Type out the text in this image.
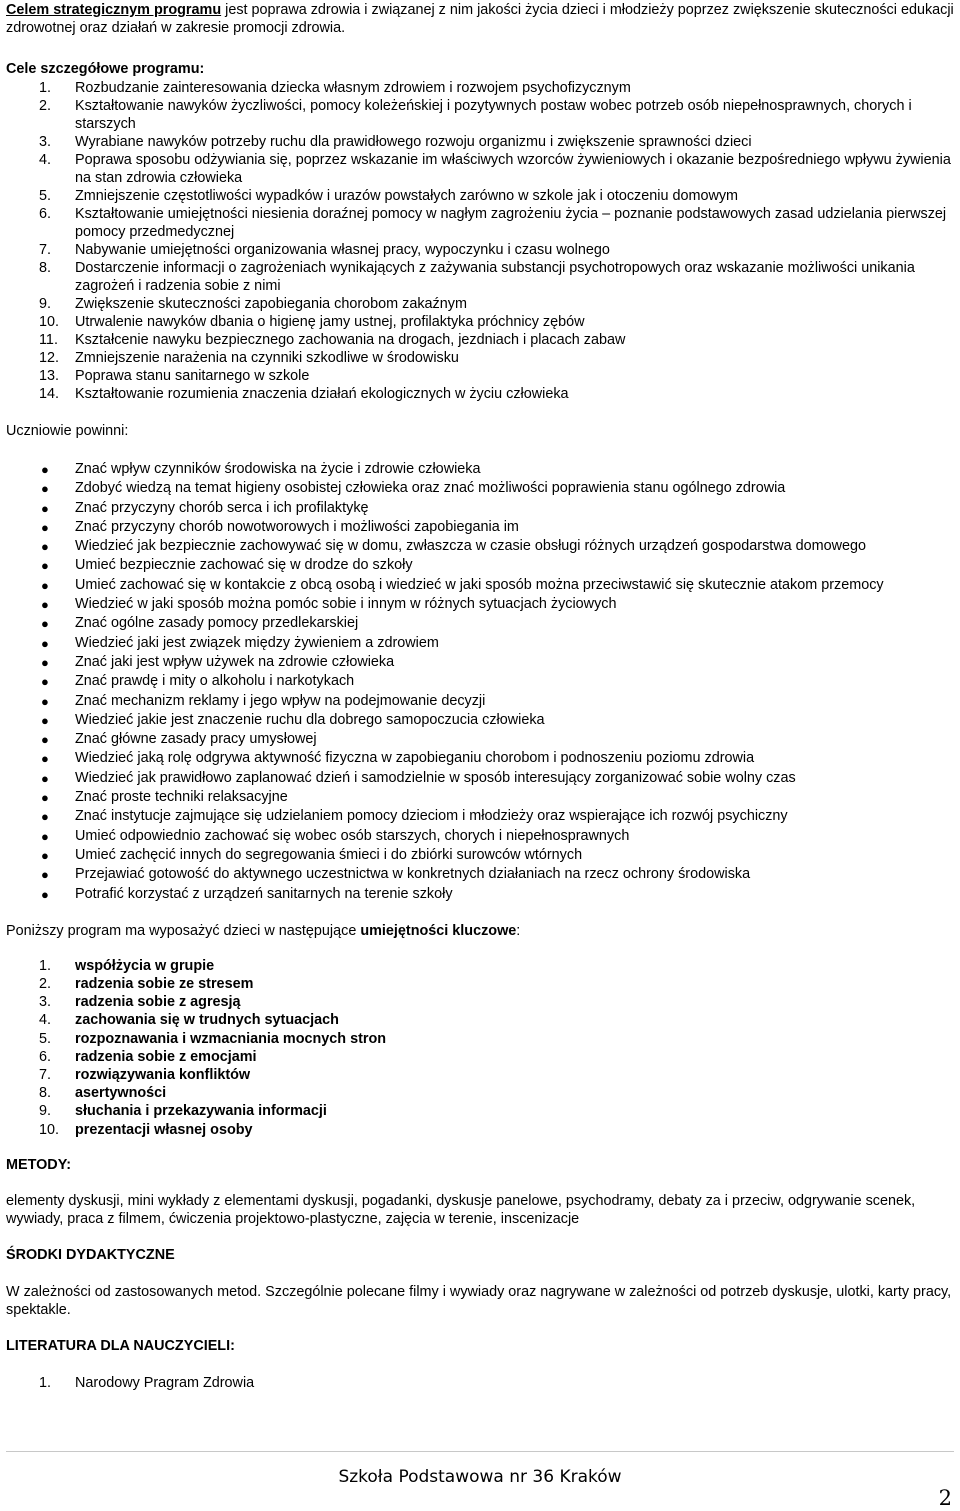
Celem strategicznym programu jest poprawa zdrowia i związanej z nim jakości życia dzieci i młodzieży poprzez zwiększenie skuteczności edukacji zdrowotnej oraz działań w zakresie promocji zdrowia.

Cele szczegółowe programu:

1.	Rozbudzanie zainteresowania dziecka własnym zdrowiem i rozwojem psychofizycznym
2.	Kształtowanie nawyków życzliwości, pomocy koleżeńskiej i pozytywnych postaw wobec potrzeb osób niepełnosprawnych, chorych i starszych
3.	Wyrabiane nawyków potrzeby ruchu dla prawidłowego rozwoju organizmu i zwiększenie sprawności dzieci
4.	Poprawa sposobu odżywiania się, poprzez wskazanie im właściwych wzorców żywieniowych i okazanie bezpośredniego wpływu żywienia na stan zdrowia człowieka
5.	Zmniejszenie częstotliwości wypadków i urazów powstałych zarówno w szkole jak i otoczeniu domowym
6.	Kształtowanie umiejętności niesienia doraźnej pomocy w nagłym zagrożeniu życia – poznanie podstawowych zasad udzielania pierwszej pomocy przedmedycznej
7.	Nabywanie umiejętności organizowania własnej pracy, wypoczynku i czasu wolnego
8.	Dostarczenie informacji o zagrożeniach wynikających z zażywania substancji psychotropowych oraz wskazanie możliwości unikania zagrożeń i radzenia sobie z nimi
9.	Zwiększenie skuteczności zapobiegania chorobom zakaźnym
10.	Utrwalenie nawyków dbania o higienę jamy ustnej, profilaktyka próchnicy zębów
11.	Kształcenie nawyku bezpiecznego zachowania na drogach, jezdniach i placach zabaw
12.	Zmniejszenie narażenia na czynniki szkodliwe w środowisku
13.	Poprawa stanu sanitarnego w szkole
14.	Kształtowanie rozumienia znaczenia działań ekologicznych w życiu człowieka

Uczniowie powinni:

●	Znać wpływ czynników środowiska na życie i zdrowie człowieka
●	Zdobyć wiedzą na temat higieny osobistej człowieka oraz znać możliwości poprawienia stanu ogólnego zdrowia
●	Znać przyczyny chorób serca i ich profilaktykę
●	Znać przyczyny chorób nowotworowych i możliwości zapobiegania im
●	Wiedzieć jak bezpiecznie zachowywać się w domu, zwłaszcza w czasie obsługi różnych urządzeń gospodarstwa domowego
●	Umieć bezpiecznie zachować się w drodze do szkoły
●	Umieć zachować się w kontakcie z obcą osobą i wiedzieć w jaki sposób można przeciwstawić się skutecznie atakom przemocy
●	Wiedzieć w jaki sposób można pomóc sobie i innym w różnych sytuacjach życiowych
●	Znać ogólne zasady pomocy przedlekarskiej
●	Wiedzieć jaki jest związek między żywieniem a zdrowiem
●	Znać jaki jest wpływ używek na zdrowie człowieka
●	Znać prawdę i mity o alkoholu i narkotykach
●	Znać mechanizm reklamy i jego wpływ na podejmowanie decyzji
●	Wiedzieć jakie jest znaczenie ruchu dla dobrego samopoczucia człowieka
●	Znać główne zasady pracy umysłowej
●	Wiedzieć jaką rolę odgrywa aktywność fizyczna w zapobieganiu chorobom i podnoszeniu poziomu zdrowia
●	Wiedzieć jak prawidłowo zaplanować dzień i samodzielnie w sposób interesujący zorganizować sobie wolny czas
●	Znać proste techniki relaksacyjne
●	Znać instytucje zajmujące się udzielaniem pomocy dzieciom i młodzieży oraz wspierające ich rozwój psychiczny
●	Umieć odpowiednio zachować się wobec osób starszych, chorych i niepełnosprawnych
●	Umieć zachęcić innych do segregowania śmieci i do zbiórki surowców wtórnych
●	Przejawiać gotowość do aktywnego uczestnictwa w konkretnych działaniach na rzecz ochrony środowiska
●	Potrafić korzystać z urządzeń sanitarnych na terenie szkoły

Poniższy program ma wyposażyć dzieci w następujące umiejętności kluczowe:

1.	współżycia w grupie
2.	radzenia sobie ze stresem
3.	radzenia sobie z agresją
4.	zachowania się w trudnych sytuacjach
5.	rozpoznawania i wzmacniania mocnych stron
6.	radzenia sobie z emocjami
7.	rozwiązywania konfliktów
8.	asertywności
9.	słuchania i przekazywania informacji
10.	prezentacji własnej osoby

METODY:

elementy dyskusji, mini wykłady z elementami dyskusji, pogadanki, dyskusje panelowe, psychodramy, debaty za i przeciw, odgrywanie scenek, wywiady, praca z filmem, ćwiczenia projektowo-plastyczne, zajęcia w terenie, inscenizacje

ŚRODKI DYDAKTYCZNE

W zależności od zastosowanych metod. Szczególnie polecane filmy i wywiady oraz nagrywane w zależności od potrzeb dyskusje, ulotki, karty pracy, spektakle.

LITERATURA DLA NAUCZYCIELI:

1.	Narodowy Pragram Zdrowia
Szkoła Podstawowa nr 36 Kraków
2
